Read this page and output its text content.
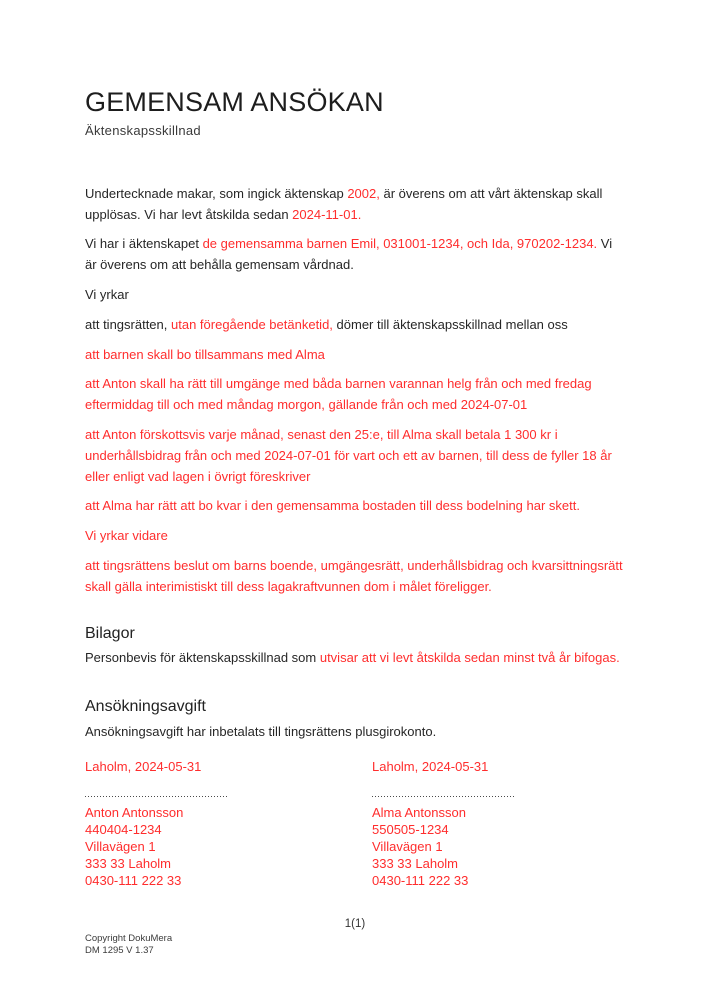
GEMENSAM ANSÖKAN
Äktenskapsskillnad

Undertecknade makar, som ingick äktenskap 2002, är överens om att vårt äktenskap skall upplösas. Vi har levt åtskilda sedan 2024-11-01.

Vi har i äktenskapet de gemensamma barnen Emil, 031001-1234, och Ida, 970202-1234. Vi är överens om att behålla gemensam vårdnad.

Vi yrkar

att tingsrätten, utan föregående betänketid, dömer till äktenskapsskillnad mellan oss

att barnen skall bo tillsammans med Alma

att Anton skall ha rätt till umgänge med båda barnen varannan helg från och med fredag eftermiddag till och med måndag morgon, gällande från och med 2024-07-01

att Anton förskottsvis varje månad, senast den 25:e, till Alma skall betala 1 300 kr i underhållsbidrag från och med 2024-07-01 för vart och ett av barnen, till dess de fyller 18 år eller enligt vad lagen i övrigt föreskriver

att Alma har rätt att bo kvar i den gemensamma bostaden till dess bodelning har skett.

Vi yrkar vidare

att tingsrättens beslut om barns boende, umgängesrätt, underhållsbidrag och kvarsittningsrätt skall gälla interimistiskt till dess lagakraftvunnen dom i målet föreligger.

Bilagor

Personbevis för äktenskapsskillnad som utvisar att vi levt åtskilda sedan minst två år bifogas.

Ansökningsavgift

Ansökningsavgift har inbetalats till tingsrättens plusgirokonto.

Laholm, 2024-05-31	Laholm, 2024-05-31
Anton Antonsson
440404-1234
Villavägen 1
333 33 Laholm
0430-111 222 33
Alma Antonsson
550505-1234
Villavägen 1
333 33 Laholm
0430-111 222 33
1(1)
Copyright DokuMera
DM 1295 V 1.37
